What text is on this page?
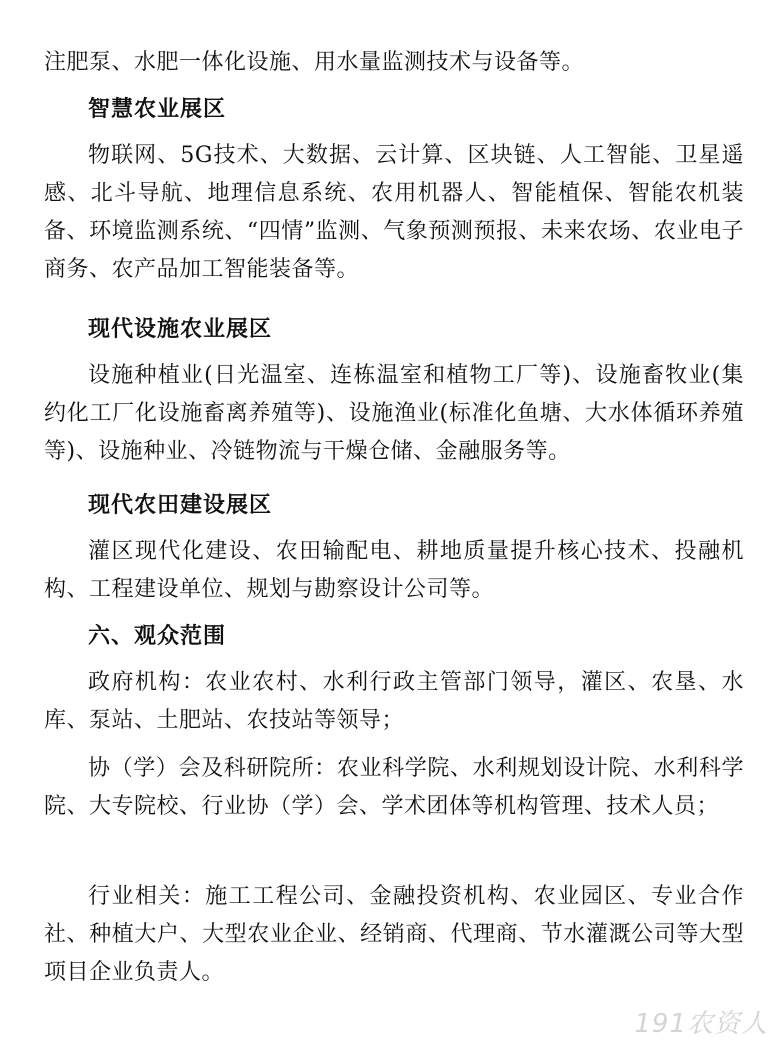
注肥泵、水肥一体化设施、用水量监测技术与设备等。
智慧农业展区
物联网、5G技术、大数据、云计算、区块链、人工智能、卫星遥感、北斗导航、地理信息系统、农用机器人、智能植保、智能农机装备、环境监测系统、“四情”监测、气象预测预报、未来农场、农业电子商务、农产品加工智能装备等。
现代设施农业展区
设施种植业(日光温室、连栋温室和植物工厂等)、设施畜牧业(集约化工厂化设施畜离养殖等)、设施渔业(标准化鱼塘、大水体循环养殖等)、设施种业、冷链物流与干燥仓储、金融服务等。
现代农田建设展区
灌区现代化建设、农田输配电、耕地质量提升核心技术、投融机构、工程建设单位、规划与勘察设计公司等。
六、观众范围
政府机构：农业农村、水利行政主管部门领导，灌区、农垦、水库、泵站、土肥站、农技站等领导；
协（学）会及科研院所：农业科学院、水利规划设计院、水利科学院、大专院校、行业协（学）会、学术团体等机构管理、技术人员；
行业相关：施工工程公司、金融投资机构、农业园区、专业合作社、种植大户、大型农业企业、经销商、代理商、节水灌溉公司等大型项目企业负责人。
191农资人
